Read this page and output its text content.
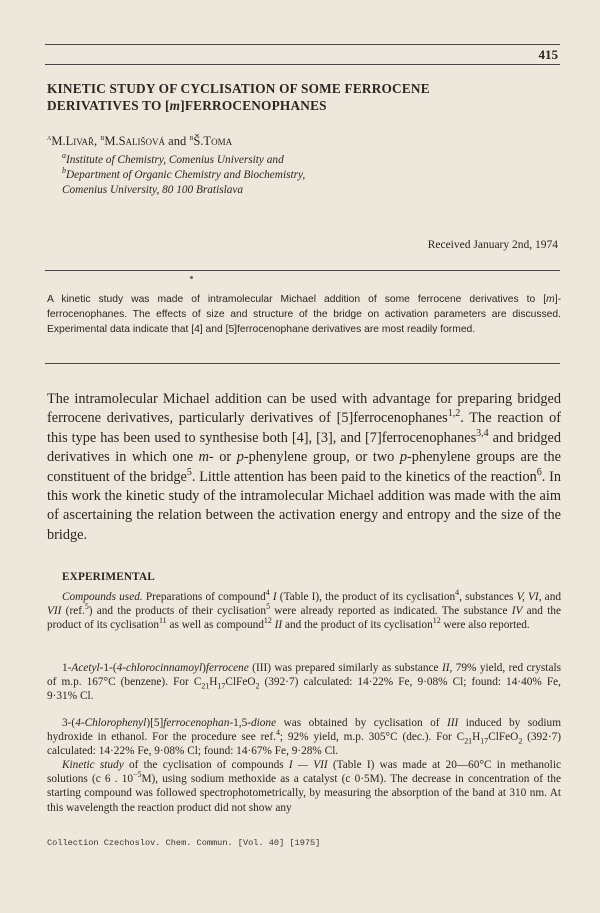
415
KINETIC STUDY OF CYCLISATION OF SOME FERROCENE
DERIVATIVES TO [m]FERROCENOPHANES
$^a$M.Livař, $^b$M.Sališová and $^b$Š.Toma
$^a$Institute of Chemistry, Comenius University and
$^b$Department of Organic Chemistry and Biochemistry,
Comenius University, 80 100 Bratislava
Received January 2nd, 1974
A kinetic study was made of intramolecular Michael addition of some ferrocene derivatives to [m]-ferrocenophanes. The effects of size and structure of the bridge on activation parameters are discussed. Experimental data indicate that [4] and [5]ferrocenophane derivatives are most readily formed.
The intramolecular Michael addition can be used with advantage for preparing bridged ferrocene derivatives, particularly derivatives of [5]ferrocenophanes$^{1,2}$. The reaction of this type has been used to synthesise both [4], [3], and [7]ferrocenophanes$^{3,4}$ and bridged derivatives in which one m- or p-phenylene group, or two p-phenylene groups are the constituent of the bridge$^5$. Little attention has been paid to the kinetics of the reaction$^6$. In this work the kinetic study of the intramolecular Michael addition was made with the aim of ascertaining the relation between the activation energy and entropy and the size of the bridge.
EXPERIMENTAL
Compounds used. Preparations of compound$^4$ I (Table I), the product of its cyclisation$^4$, substances V, VI, and VII (ref.$^5$) and the products of their cyclisation$^5$ were already reported as indicated. The substance IV and the product of its cyclisation$^{11}$ as well as compound$^{12}$ II and the product of its cyclisation$^{12}$ were also reported.
1-Acetyl-1-(4-chlorocinnamoyl)ferrocene (III) was prepared similarly as substance II, 79% yield, red crystals of m.p. 167°C (benzene). For $C_{21}H_{17}ClFeO_2$ (392·7) calculated: 14·22% Fe, 9·08% Cl; found: 14·40% Fe, 9·31% Cl.
3-(4-Chlorophenyl)[5]ferrocenophan-1,5-dione was obtained by cyclisation of III induced by sodium hydroxide in ethanol. For the procedure see ref.$^4$; 92% yield, m.p. 305°C (dec.). For $C_{21}H_{17}ClFeO_2$ (392·7) calculated: 14·22% Fe, 9·08% Cl; found: 14·67% Fe, 9·28% Cl.
Kinetic study of the cyclisation of compounds I — VII (Table I) was made at 20—60°C in methanolic solutions (c 6 . $10^{-5}M$), using sodium methoxide as a catalyst (c 0·5M). The decrease in concentration of the starting compound was followed spectrophotometrically, by measuring the absorption of the band at 310 nm. At this wavelength the reaction product did not show any
Collection Czechoslov. Chem. Commun. [Vol. 40] [1975]
